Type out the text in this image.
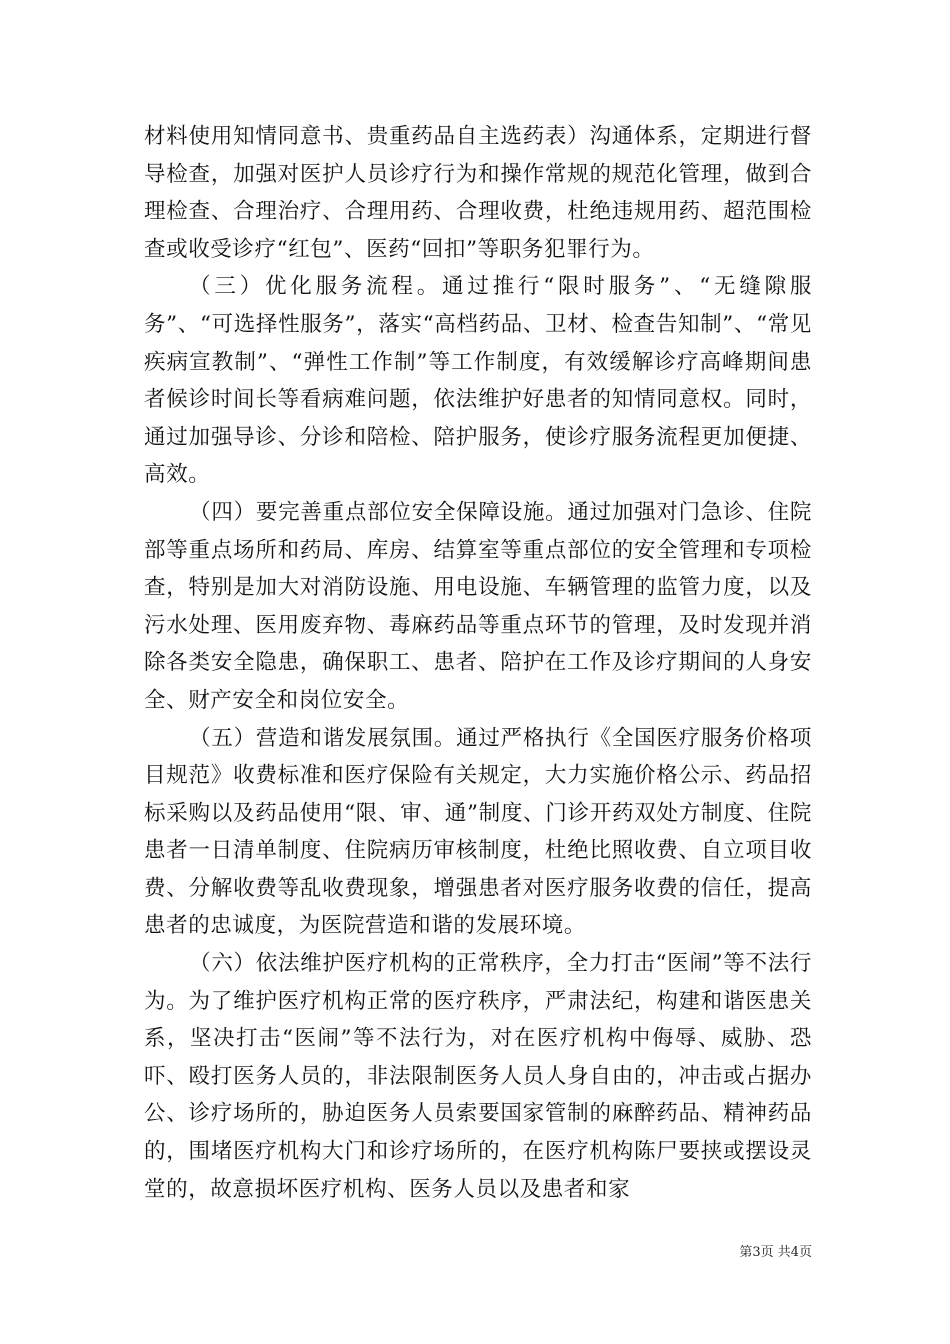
材料使用知情同意书、贵重药品自主选药表）沟通体系，定期进行督导检查，加强对医护人员诊疗行为和操作常规的规范化管理，做到合理检查、合理治疗、合理用药、合理收费，杜绝违规用药、超范围检查或收受诊疗“红包”、医药“回扣”等职务犯罪行为。

（三）优化服务流程。通过推行“限时服务”、“无缝隙服务”、“可选择性服务”，落实“高档药品、卫材、检查告知制”、“常见疾病宣教制”、“弹性工作制”等工作制度，有效缓解诊疗高峰期间患者候诊时间长等看病难问题，依法维护好患者的知情同意权。同时，通过加强导诊、分诊和陪检、陪护服务，使诊疗服务流程更加便捷、高效。

（四）要完善重点部位安全保障设施。通过加强对门急诊、住院部等重点场所和药局、库房、结算室等重点部位的安全管理和专项检查，特别是加大对消防设施、用电设施、车辆管理的监管力度，以及污水处理、医用废弃物、毒麻药品等重点环节的管理，及时发现并消除各类安全隐患，确保职工、患者、陪护在工作及诊疗期间的人身安全、财产安全和岗位安全。

（五）营造和谐发展氛围。通过严格执行《全国医疗服务价格项目规范》收费标准和医疗保险有关规定，大力实施价格公示、药品招标采购以及药品使用“限、审、通”制度、门诊开药双处方制度、住院患者一日清单制度、住院病历审核制度，杜绝比照收费、自立项目收费、分解收费等乱收费现象，增强患者对医疗服务收费的信任，提高患者的忠诚度，为医院营造和谐的发展环境。

（六）依法维护医疗机构的正常秩序，全力打击“医闹”等不法行为。为了维护医疗机构正常的医疗秩序，严肃法纪，构建和谐医患关系，坚决打击“医闹”等不法行为，对在医疗机构中侮辱、威胁、恐吓、殴打医务人员的，非法限制医务人员人身自由的，冲击或占据办公、诊疗场所的，胁迫医务人员索要国家管制的麻醉药品、精神药品的，围堵医疗机构大门和诊疗场所的，在医疗机构陈尸要挟或摆设灵堂的，故意损坏医疗机构、医务人员以及患者和家

第3页 共4页
